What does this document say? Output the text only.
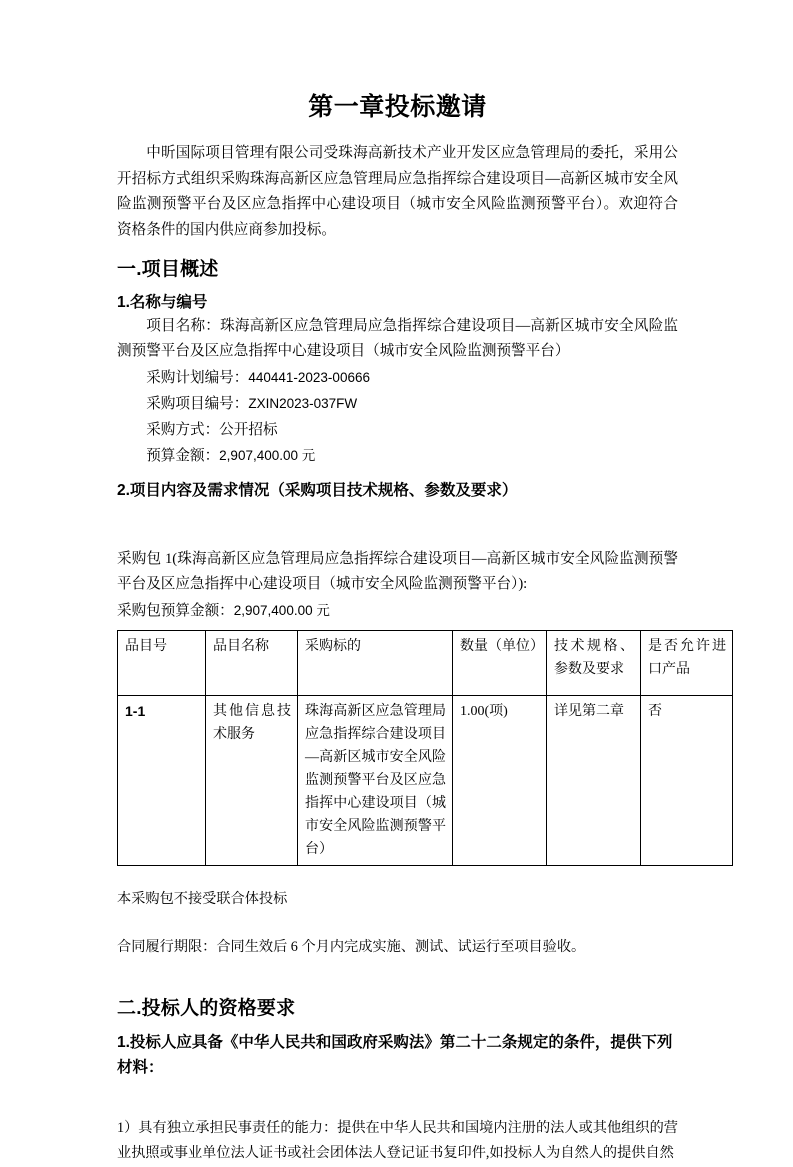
第一章投标邀请

中昕国际项目管理有限公司受珠海高新技术产业开发区应急管理局的委托，采用公开招标方式组织采购珠海高新区应急管理局应急指挥综合建设项目—高新区城市安全风险监测预警平台及区应急指挥中心建设项目（城市安全风险监测预警平台）。欢迎符合资格条件的国内供应商参加投标。

一.项目概述
1.名称与编号

项目名称：珠海高新区应急管理局应急指挥综合建设项目—高新区城市安全风险监测预警平台及区应急指挥中心建设项目（城市安全风险监测预警平台）

采购计划编号：440441-2023-00666

采购项目编号：ZXIN2023-037FW

采购方式：公开招标

预算金额：2,907,400.00 元

2.项目内容及需求情况（采购项目技术规格、参数及要求）

采购包 1(珠海高新区应急管理局应急指挥综合建设项目—高新区城市安全风险监测预警平台及区应急指挥中心建设项目（城市安全风险监测预警平台）):

采购包预算金额：2,907,400.00 元

品目号	品目名称	采购标的	数量（单位）	技术规格、参数及要求	是否允许进口产品
1-1	其他信息技术服务	珠海高新区应急管理局应急指挥综合建设项目—高新区城市安全风险监测预警平台及区应急指挥中心建设项目（城市安全风险监测预警平台）	1.00(项)	详见第二章	否

本采购包不接受联合体投标

合同履行期限：合同生效后 6 个月内完成实施、测试、试运行至项目验收。

二.投标人的资格要求
1.投标人应具备《中华人民共和国政府采购法》第二十二条规定的条件，提供下列材料：

1）具有独立承担民事责任的能力：提供在中华人民共和国境内注册的法人或其他组织的营业执照或事业单位法人证书或社会团体法人登记证书复印件,如投标人为自然人的提供自然
